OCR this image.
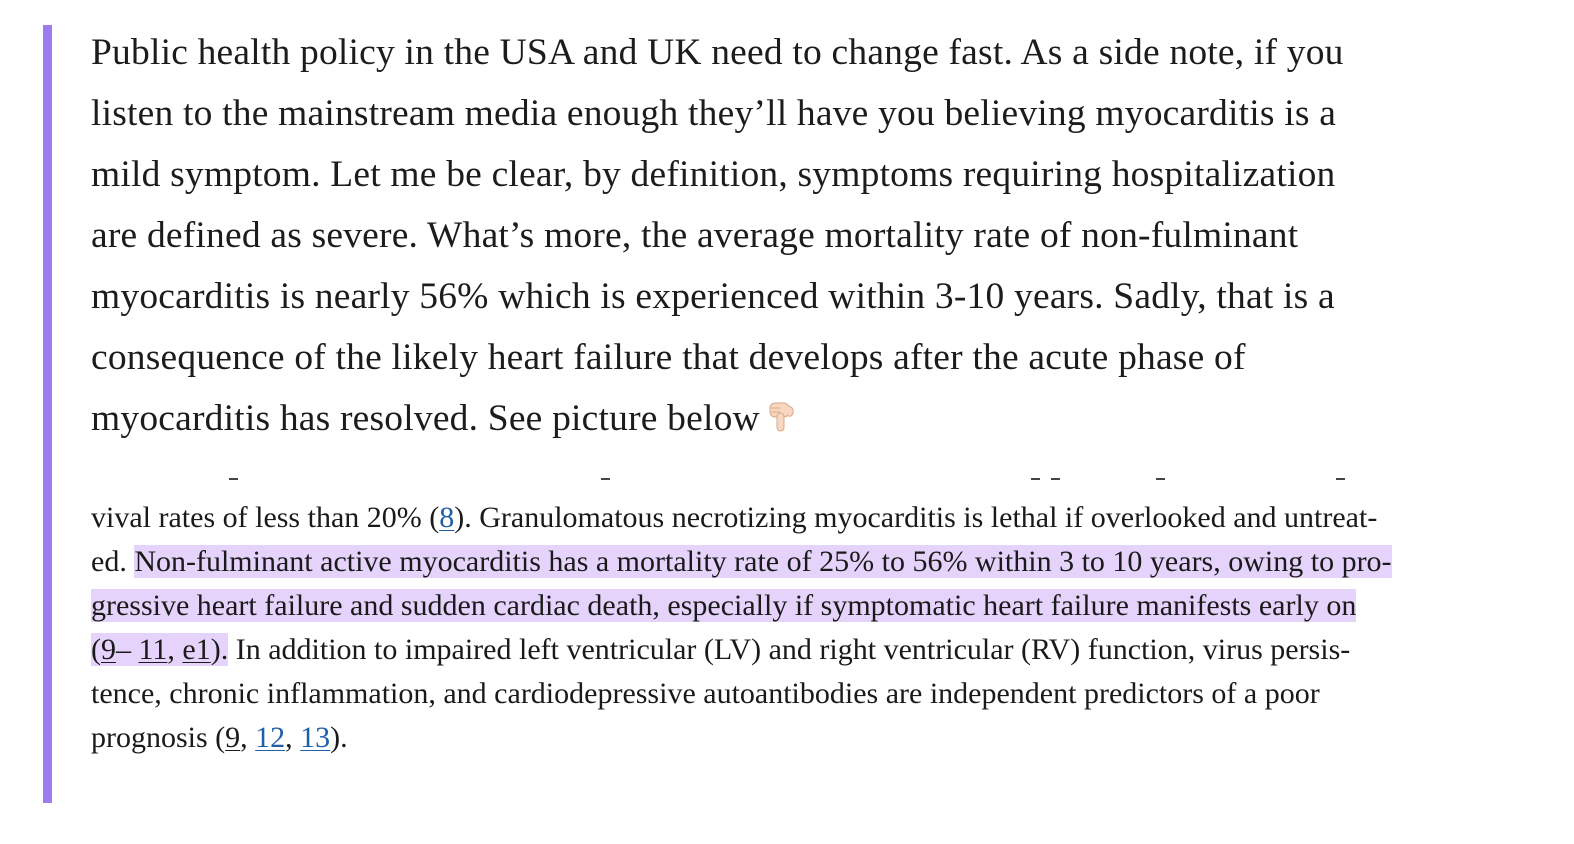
Public health policy in the USA and UK need to change fast. As a side note, if you
listen to the mainstream media enough they’ll have you believing myocarditis is a
mild symptom. Let me be clear, by definition, symptoms requiring hospitalization
are defined as severe. What’s more, the average mortality rate of non-fulminant
myocarditis is nearly 56% which is experienced within 3-10 years. Sadly, that is a
consequence of the likely heart failure that develops after the acute phase of
myocarditis has resolved. See picture below
vival rates of less than 20% (8). Granulomatous necrotizing myocarditis is lethal if overlooked and untreat-
ed. Non-fulminant active myocarditis has a mortality rate of 25% to 56% within 3 to 10 years, owing to pro-
gressive heart failure and sudden cardiac death, especially if symptomatic heart failure manifests early on
(9– 11, e1). In addition to impaired left ventricular (LV) and right ventricular (RV) function, virus persis-
tence, chronic inflammation, and cardiodepressive autoantibodies are independent predictors of a poor
prognosis (9, 12, 13).
